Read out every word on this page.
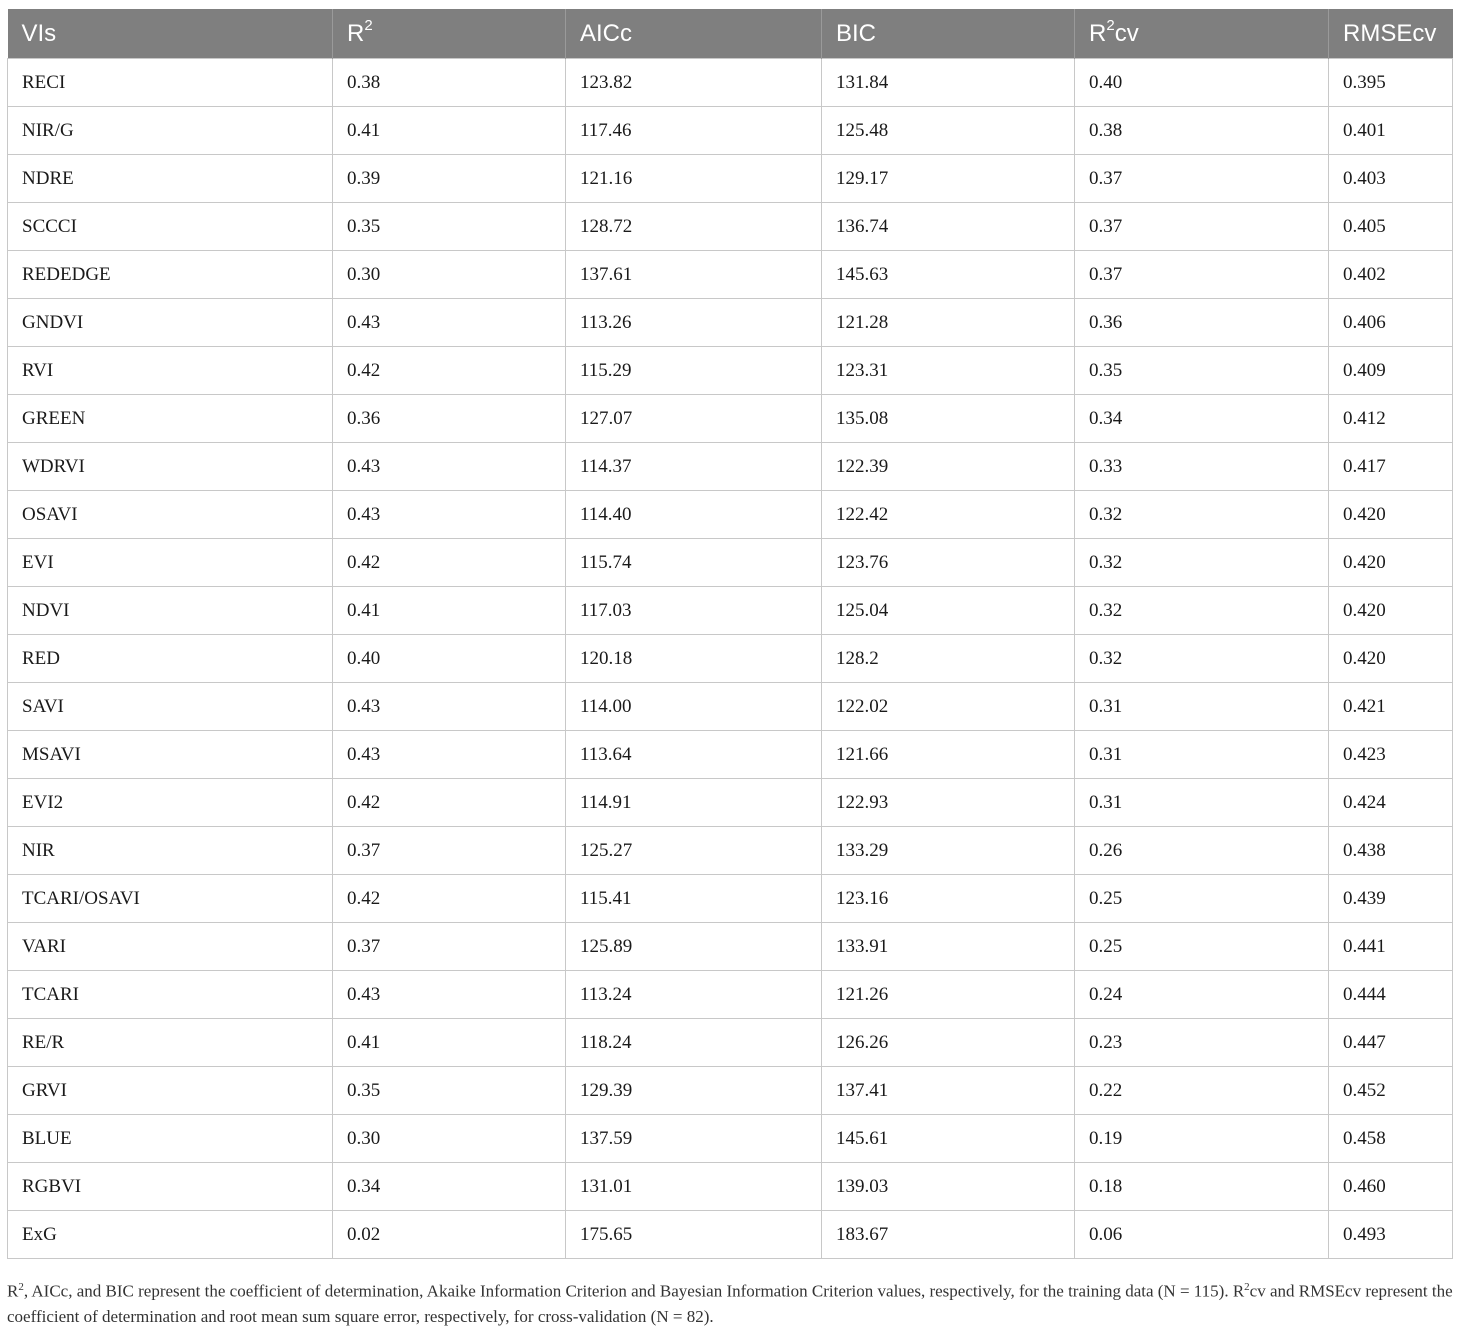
VIs	$R^2$	AICc	BIC	$R^2cv$	RMSEcv
RECI	0.38	123.82	131.84	0.40	0.395
NIR/G	0.41	117.46	125.48	0.38	0.401
NDRE	0.39	121.16	129.17	0.37	0.403
SCCCI	0.35	128.72	136.74	0.37	0.405
REDEDGE	0.30	137.61	145.63	0.37	0.402
GNDVI	0.43	113.26	121.28	0.36	0.406
RVI	0.42	115.29	123.31	0.35	0.409
GREEN	0.36	127.07	135.08	0.34	0.412
WDRVI	0.43	114.37	122.39	0.33	0.417
OSAVI	0.43	114.40	122.42	0.32	0.420
EVI	0.42	115.74	123.76	0.32	0.420
NDVI	0.41	117.03	125.04	0.32	0.420
RED	0.40	120.18	128.2	0.32	0.420
SAVI	0.43	114.00	122.02	0.31	0.421
MSAVI	0.43	113.64	121.66	0.31	0.423
EVI2	0.42	114.91	122.93	0.31	0.424
NIR	0.37	125.27	133.29	0.26	0.438
TCARI/OSAVI	0.42	115.41	123.16	0.25	0.439
VARI	0.37	125.89	133.91	0.25	0.441
TCARI	0.43	113.24	121.26	0.24	0.444
RE/R	0.41	118.24	126.26	0.23	0.447
GRVI	0.35	129.39	137.41	0.22	0.452
BLUE	0.30	137.59	145.61	0.19	0.458
RGBVI	0.34	131.01	139.03	0.18	0.460
ExG	0.02	175.65	183.67	0.06	0.493
$R^2$, AICc, and BIC represent the coefficient of determination, Akaike Information Criterion and Bayesian Information Criterion values, respectively, for the training data (N = 115). $R^2cv$ and RMSEcv represent the coefficient of determination and root mean sum square error, respectively, for cross-validation (N = 82).
